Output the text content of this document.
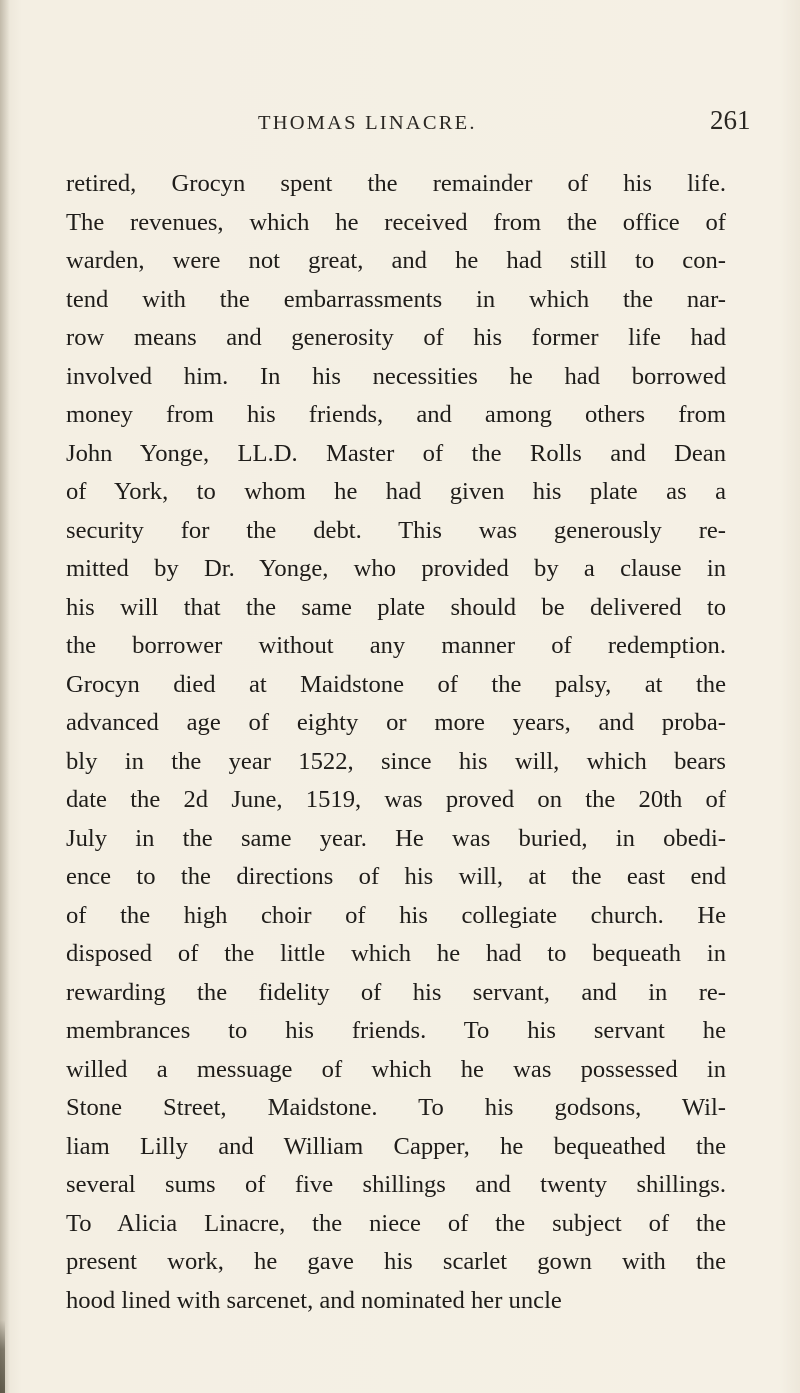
THOMAS LINACRE.	261
retired, Grocyn spent the remainder of his life.
The revenues, which he received from the office of
warden, were not great, and he had still to con-
tend with the embarrassments in which the nar-
row means and generosity of his former life had
involved him. In his necessities he had borrowed
money from his friends, and among others from
John Yonge, LL.D. Master of the Rolls and Dean
of York, to whom he had given his plate as a
security for the debt. This was generously re-
mitted by Dr. Yonge, who provided by a clause in
his will that the same plate should be delivered to
the borrower without any manner of redemption.
Grocyn died at Maidstone of the palsy, at the
advanced age of eighty or more years, and proba-
bly in the year 1522, since his will, which bears
date the 2d June, 1519, was proved on the 20th of
July in the same year. He was buried, in obedi-
ence to the directions of his will, at the east end
of the high choir of his collegiate church. He
disposed of the little which he had to bequeath in
rewarding the fidelity of his servant, and in re-
membrances to his friends. To his servant he
willed a messuage of which he was possessed in
Stone Street, Maidstone. To his godsons, Wil-
liam Lilly and William Capper, he bequeathed the
several sums of five shillings and twenty shillings.
To Alicia Linacre, the niece of the subject of the
present work, he gave his scarlet gown with the
hood lined with sarcenet, and nominated her uncle
